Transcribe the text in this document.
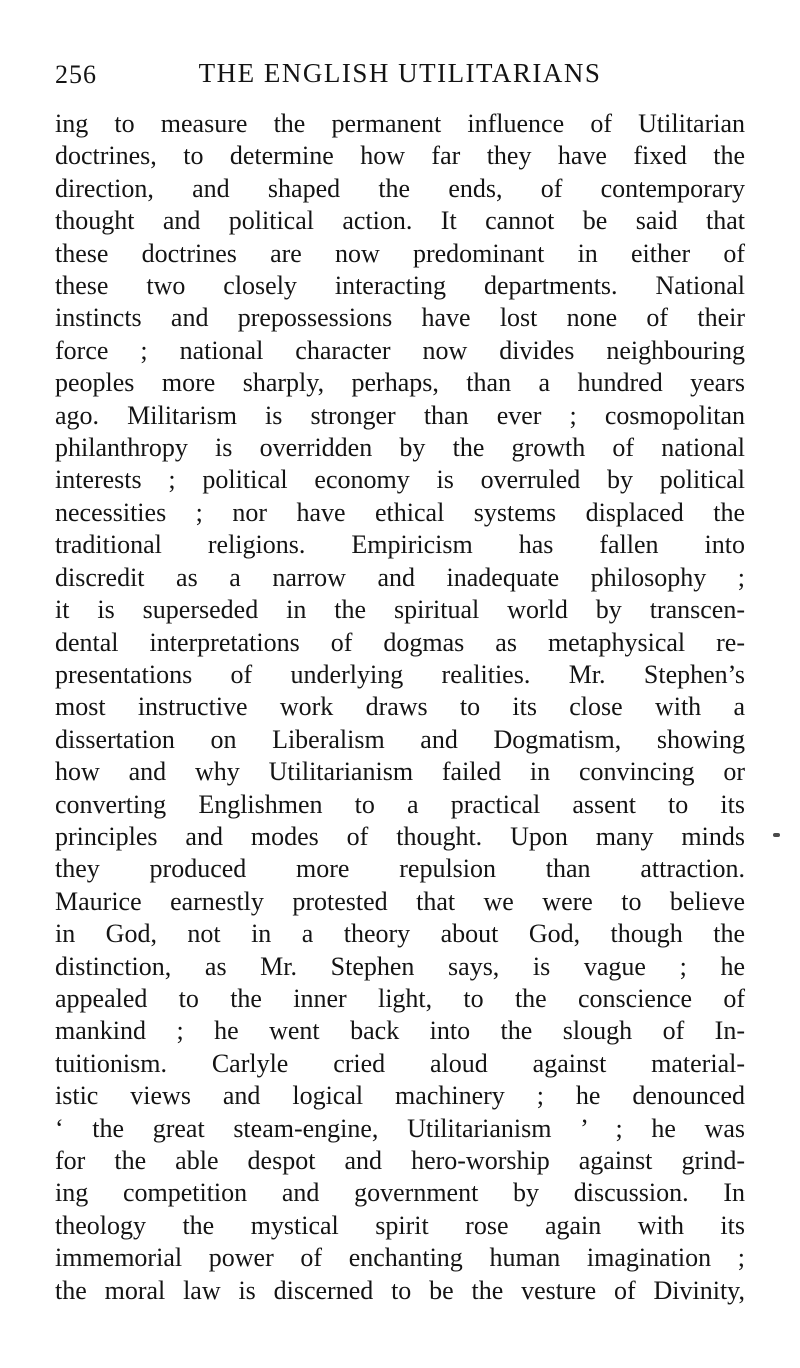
256	THE ENGLISH UTILITARIANS
ing to measure the permanent influence of Utilitarian
doctrines, to determine how far they have fixed the
direction, and shaped the ends, of contemporary
thought and political action. It cannot be said that
these doctrines are now predominant in either of
these two closely interacting departments. National
instincts and prepossessions have lost none of their
force ; national character now divides neighbouring
peoples more sharply, perhaps, than a hundred years
ago. Militarism is stronger than ever ; cosmopolitan
philanthropy is overridden by the growth of national
interests ; political economy is overruled by political
necessities ; nor have ethical systems displaced the
traditional religions. Empiricism has fallen into
discredit as a narrow and inadequate philosophy ;
it is superseded in the spiritual world by transcen-
dental interpretations of dogmas as metaphysical re-
presentations of underlying realities. Mr. Stephen’s
most instructive work draws to its close with a
dissertation on Liberalism and Dogmatism, showing
how and why Utilitarianism failed in convincing or
converting Englishmen to a practical assent to its
principles and modes of thought. Upon many minds
they produced more repulsion than attraction.
Maurice earnestly protested that we were to believe
in God, not in a theory about God, though the
distinction, as Mr. Stephen says, is vague ; he
appealed to the inner light, to the conscience of
mankind ; he went back into the slough of In-
tuitionism. Carlyle cried aloud against material-
istic views and logical machinery ; he denounced
‘ the great steam-engine, Utilitarianism ’ ; he was
for the able despot and hero-worship against grind-
ing competition and government by discussion. In
theology the mystical spirit rose again with its
immemorial power of enchanting human imagination ;
the moral law is discerned to be the vesture of Divinity,
